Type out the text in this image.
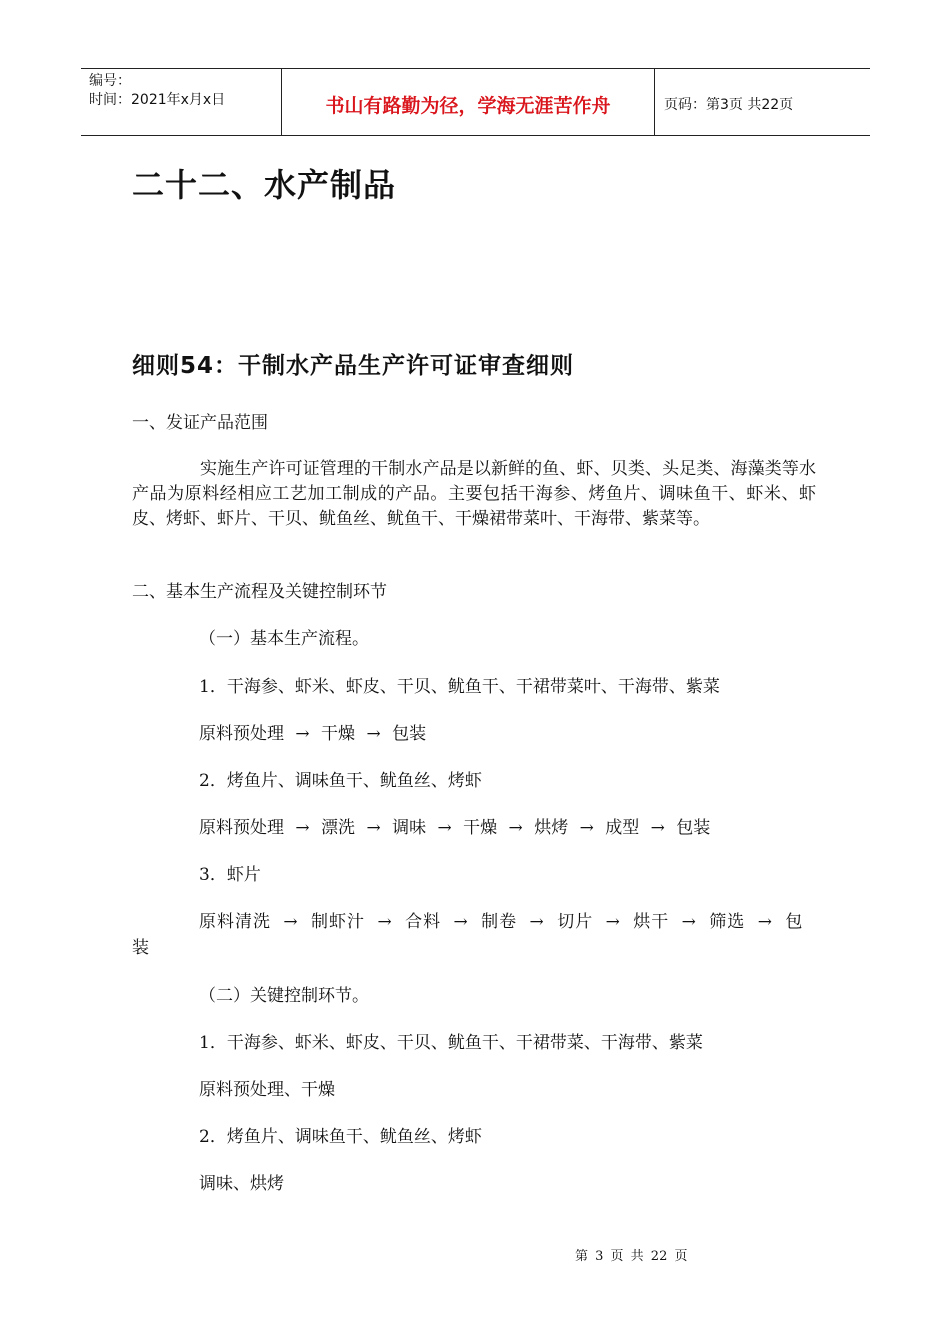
编号：
时间：2021年x月x日	书山有路勤为径，学海无涯苦作舟	页码：第3页 共22页
二十二、水产制品
细则54：干制水产品生产许可证审查细则

一、发证产品范围

实施生产许可证管理的干制水产品是以新鲜的鱼、虾、贝类、头足类、海藻类等水产品为原料经相应工艺加工制成的产品。主要包括干海参、烤鱼片、调味鱼干、虾米、虾皮、烤虾、虾片、干贝、鱿鱼丝、鱿鱼干、干燥裙带菜叶、干海带、紫菜等。

二、基本生产流程及关键控制环节

（一）基本生产流程。

1．干海参、虾米、虾皮、干贝、鱿鱼干、干裙带菜叶、干海带、紫菜

原料预处理 → 干燥 → 包装

2．烤鱼片、调味鱼干、鱿鱼丝、烤虾

原料预处理 → 漂洗 → 调味 → 干燥 → 烘烤 → 成型 → 包装

3．虾片

原料清洗 → 制虾汁 → 合料 → 制卷 → 切片 → 烘干 → 筛选 → 包装

（二）关键控制环节。

1．干海参、虾米、虾皮、干贝、鱿鱼干、干裙带菜、干海带、紫菜

原料预处理、干燥

2．烤鱼片、调味鱼干、鱿鱼丝、烤虾

调味、烘烤

第 3 页 共 22 页
